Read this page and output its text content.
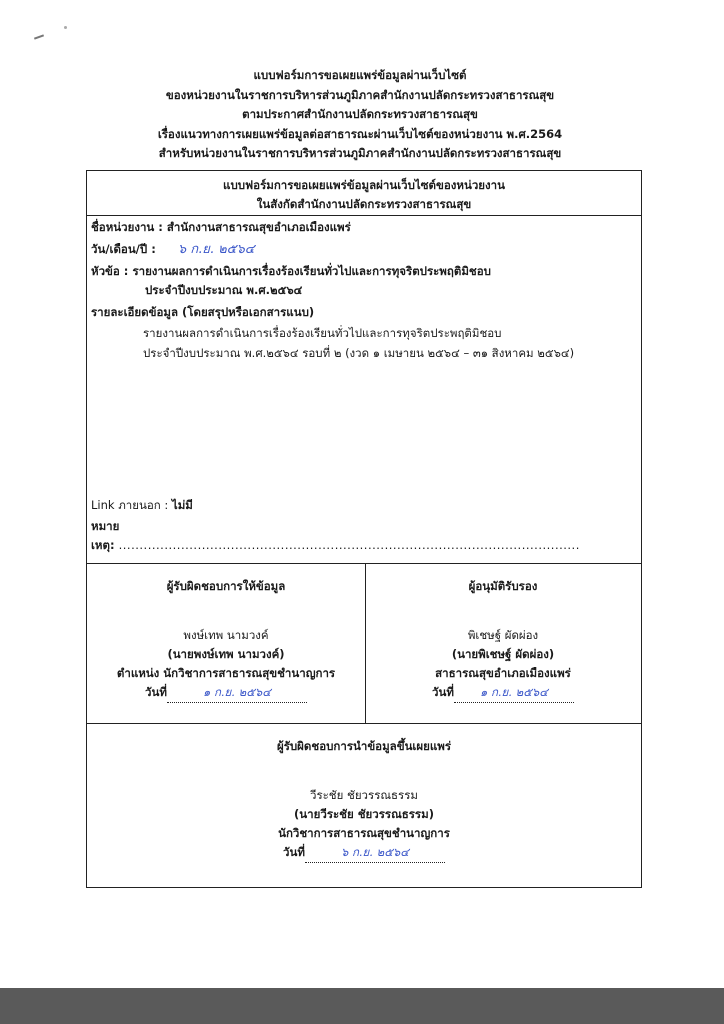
แบบฟอร์มการขอเผยแพร่ข้อมูลผ่านเว็บไซต์
ของหน่วยงานในราชการบริหารส่วนภูมิภาคสำนักงานปลัดกระทรวงสาธารณสุข
ตามประกาศสำนักงานปลัดกระทรวงสาธารณสุข
เรื่องแนวทางการเผยแพร่ข้อมูลต่อสาธารณะผ่านเว็บไซต์ของหน่วยงาน พ.ศ.2564
สำหรับหน่วยงานในราชการบริหารส่วนภูมิภาคสำนักงานปลัดกระทรวงสาธารณสุข
แบบฟอร์มการขอเผยแพร่ข้อมูลผ่านเว็บไซต์ของหน่วยงาน
ในสังกัดสำนักงานปลัดกระทรวงสาธารณสุข
ชื่อหน่วยงาน : สำนักงานสาธารณสุขอำเภอเมืองแพร่
วัน/เดือน/ปี : ๖ ก.ย. ๒๕๖๔
หัวข้อ : รายงานผลการดำเนินการเรื่องร้องเรียนทั่วไปและการทุจริตประพฤติมิชอบ
ประจำปีงบประมาณ พ.ศ.๒๕๖๔
รายละเอียดข้อมูล (โดยสรุปหรือเอกสารแนบ)
รายงานผลการดำเนินการเรื่องร้องเรียนทั่วไปและการทุจริตประพฤติมิชอบ
ประจำปีงบประมาณ พ.ศ.๒๕๖๔ รอบที่ ๒ (งวด ๑ เมษายน ๒๕๖๔ – ๓๑ สิงหาคม ๒๕๖๔)
Link ภายนอก : ไม่มี
หมาย
เหตุ: ...............................................................................................................
ผู้รับผิดชอบการให้ข้อมูล
พงษ์เทพ นามวงค์
(นายพงษ์เทพ นามวงค์)
ตำแหน่ง นักวิชาการสาธารณสุขชำนาญการ
วันที่	๑ ก.ย. ๒๕๖๔
ผู้อนุมัติรับรอง
พิเชษฐ์ ผัดผ่อง
(นายพิเชษฐ์ ผัดผ่อง)
สาธารณสุขอำเภอเมืองแพร่
วันที่ ๑ ก.ย. ๒๕๖๔
ผู้รับผิดชอบการนำข้อมูลขึ้นเผยแพร่
วีระชัย ชัยวรรณธรรม
(นายวีระชัย ชัยวรรณธรรม)
นักวิชาการสาธารณสุขชำนาญการ
วันที่	๖ ก.ย. ๒๕๖๔
